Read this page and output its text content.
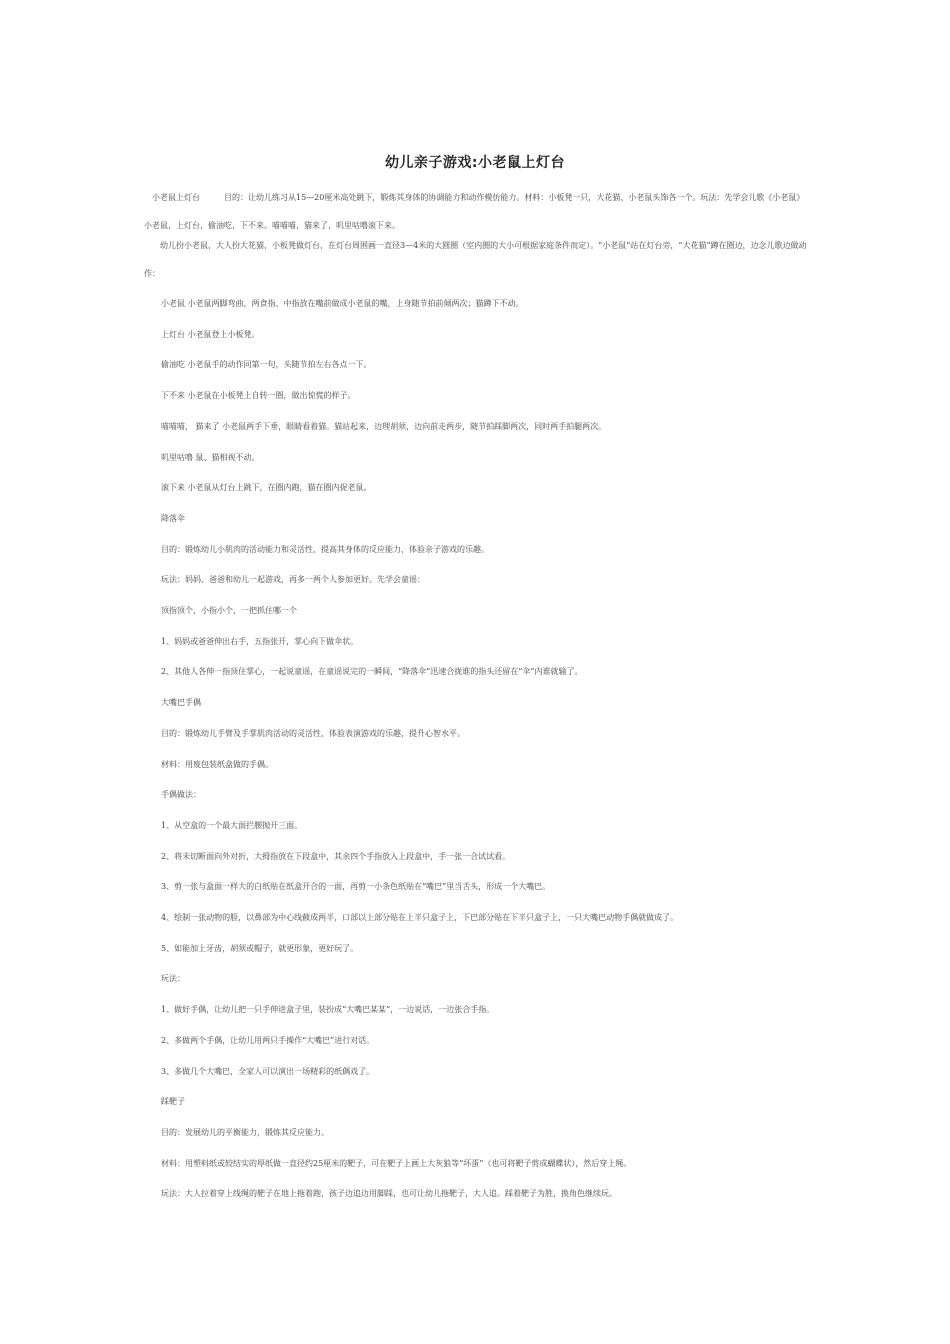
幼儿亲子游戏:小老鼠上灯台

小老鼠上灯台	目的：让幼儿练习从15—20厘米高处跳下，锻炼其身体的协调能力和动作模仿能力。材料：小板凳一只，大花猫、小老鼠头饰各一个。玩法：先学会儿歌《小老鼠》小老鼠，上灯台，偷油吃，下不来。喵喵喵，猫来了，叽里咕噜滚下来。

幼儿扮小老鼠，大人扮大花猫，小板凳做灯台，在灯台周围画一直径3—4米的大圆圈（室内圈的大小可根据家庭条件而定）。“小老鼠”站在灯台旁，“大花猫”蹲在圈边，边念儿歌边做动作：

小老鼠 小老鼠两脚弯曲，两食指、中指放在嘴前做成小老鼠的嘴，上身随节拍前倾两次；猫蹲下不动。

上灯台 小老鼠登上小板凳。

偷油吃 小老鼠手的动作同第一句，头随节拍左右各点一下。

下不来 小老鼠在小板凳上自转一圈，做出惊慌的样子。

喵喵喵， 猫来了 小老鼠两手下垂，眼睛看着猫。猫站起来，边理胡须，边向前走两步，随节拍踩脚两次，同时两手拍腿两次。

叽里咕噜 鼠、猫相视不动。

滚下来 小老鼠从灯台上跳下，在圈内跑，猫在圈内捉老鼠。

降落伞

目的：锻炼幼儿小肌肉的活动能力和灵活性，提高其身体的反应能力，体验亲子游戏的乐趣。

玩法：妈妈、爸爸和幼儿一起游戏，再多一两个人参加更好。先学会童谣：

顶指顶个，小指小个，一把抓住哪一个

1、妈妈或爸爸伸出右手，五指张开，掌心向下做伞状。

2、其他人各伸一指顶住掌心，一起说童谣，在童谣说完的一瞬间，“降落伞”迅速合拢谁的指头还留在“伞”内谁就输了。

大嘴巴手偶

目的：锻炼幼儿手臂及手掌肌肉活动的灵活性，体验表演游戏的乐趣，提升心智水平。

材料：用废包装纸盒做的手偶。

手偶做法：

1、从空盒的一个最大面拦腰抛开三面。

2、将未切断面向外对折，大拇指放在下段盒中，其余四个手指放入上段盒中，手一张一合试试看。

3、剪一张与盒面一样大的白纸贴在纸盒开合的一面，再剪一小条色纸贴在“嘴巴”里当舌头，形成一个大嘴巴。

4、绘制一张动物的脸，以鼻部为中心线截成两半，口部以上部分贴在上半只盒子上，下巴部分贴在下半只盒子上，一只大嘴巴动物手偶就做成了。

5、如能加上牙齿，胡须或帽子，就更形象，更好玩了。

玩法：

1、做好手偶，让幼儿把一只手伸进盒子里，装扮成“大嘴巴某某”，一边说话，一边张合手指。

2、多做两个手偶，让幼儿用两只手操作“大嘴巴”进行对话。

3、多做几个大嘴巴，全家人可以演出一场精彩的纸偶戏了。

踩靶子

目的：发展幼儿的平衡能力，锻炼其反应能力。

材料：用塑料纸或较结实的厚纸做一直径约25厘米的靶子，可在靶子上画上大灰狼等“坏蛋”（也可将靶子剪成蝴蝶状），然后穿上绳。

玩法：大人拉着穿上线绳的靶子在地上拖着跑，孩子边追边用脚踩，也可让幼儿拖靶子，大人追。踩着靶子为胜，换角色继续玩。
